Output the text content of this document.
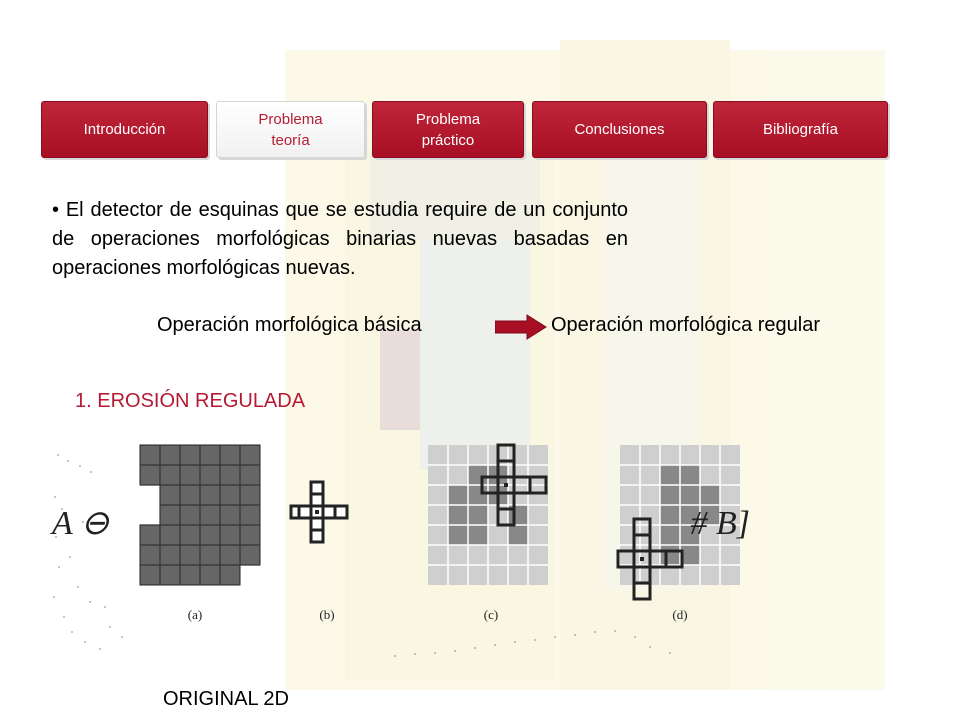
Introducción
Problema
teoría
Problema
práctico
Conclusiones	Bibliografía
• El detector de esquinas que se estudia require de un conjunto de operaciones morfológicas binarias nuevas basadas en operaciones morfológicas nuevas.
Operación morfológica básica	Operación morfológica regular
1. EROSIÓN REGULADA
A ⊖	# B]
(a)	(b)	(c)	(d)
ORIGINAL 2D
